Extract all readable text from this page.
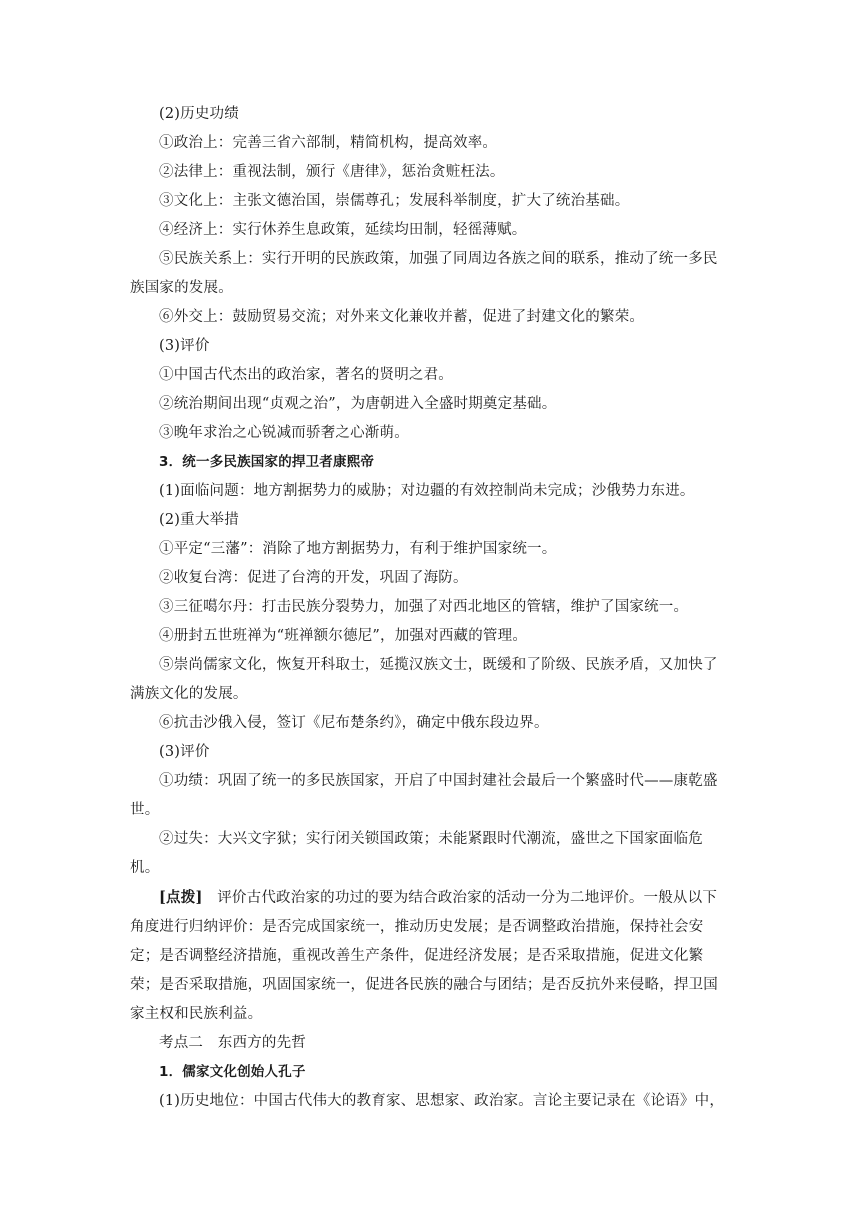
(2)历史功绩

①政治上：完善三省六部制，精简机构，提高效率。

②法律上：重视法制，颁行《唐律》，惩治贪赃枉法。

③文化上：主张文德治国，崇儒尊孔；发展科举制度，扩大了统治基础。

④经济上：实行休养生息政策，延续均田制，轻徭薄赋。

⑤民族关系上：实行开明的民族政策，加强了同周边各族之间的联系，推动了统一多民族国家的发展。

⑥外交上：鼓励贸易交流；对外来文化兼收并蓄，促进了封建文化的繁荣。

(3)评价

①中国古代杰出的政治家，著名的贤明之君。

②统治期间出现“贞观之治”，为唐朝进入全盛时期奠定基础。

③晚年求治之心锐减而骄奢之心渐萌。

3．统一多民族国家的捍卫者康熙帝

(1)面临问题：地方割据势力的威胁；对边疆的有效控制尚未完成；沙俄势力东进。

(2)重大举措

①平定“三藩”：消除了地方割据势力，有利于维护国家统一。

②收复台湾：促进了台湾的开发，巩固了海防。

③三征噶尔丹：打击民族分裂势力，加强了对西北地区的管辖，维护了国家统一。

④册封五世班禅为“班禅额尔德尼”，加强对西藏的管理。

⑤崇尚儒家文化，恢复开科取士，延揽汉族文士，既缓和了阶级、民族矛盾，又加快了满族文化的发展。

⑥抗击沙俄入侵，签订《尼布楚条约》，确定中俄东段边界。

(3)评价

①功绩：巩固了统一的多民族国家，开启了中国封建社会最后一个繁盛时代——康乾盛世。

②过失：大兴文字狱；实行闭关锁国政策；未能紧跟时代潮流，盛世之下国家面临危机。

[点拨]　评价古代政治家的功过的要为结合政治家的活动一分为二地评价。一般从以下角度进行归纳评价：是否完成国家统一，推动历史发展；是否调整政治措施，保持社会安定；是否调整经济措施，重视改善生产条件，促进经济发展；是否采取措施，促进文化繁荣；是否采取措施，巩固国家统一，促进各民族的融合与团结；是否反抗外来侵略，捍卫国家主权和民族利益。

考点二　东西方的先哲

1．儒家文化创始人孔子

(1)历史地位：中国古代伟大的教育家、思想家、政治家。言论主要记录在《论语》中，
